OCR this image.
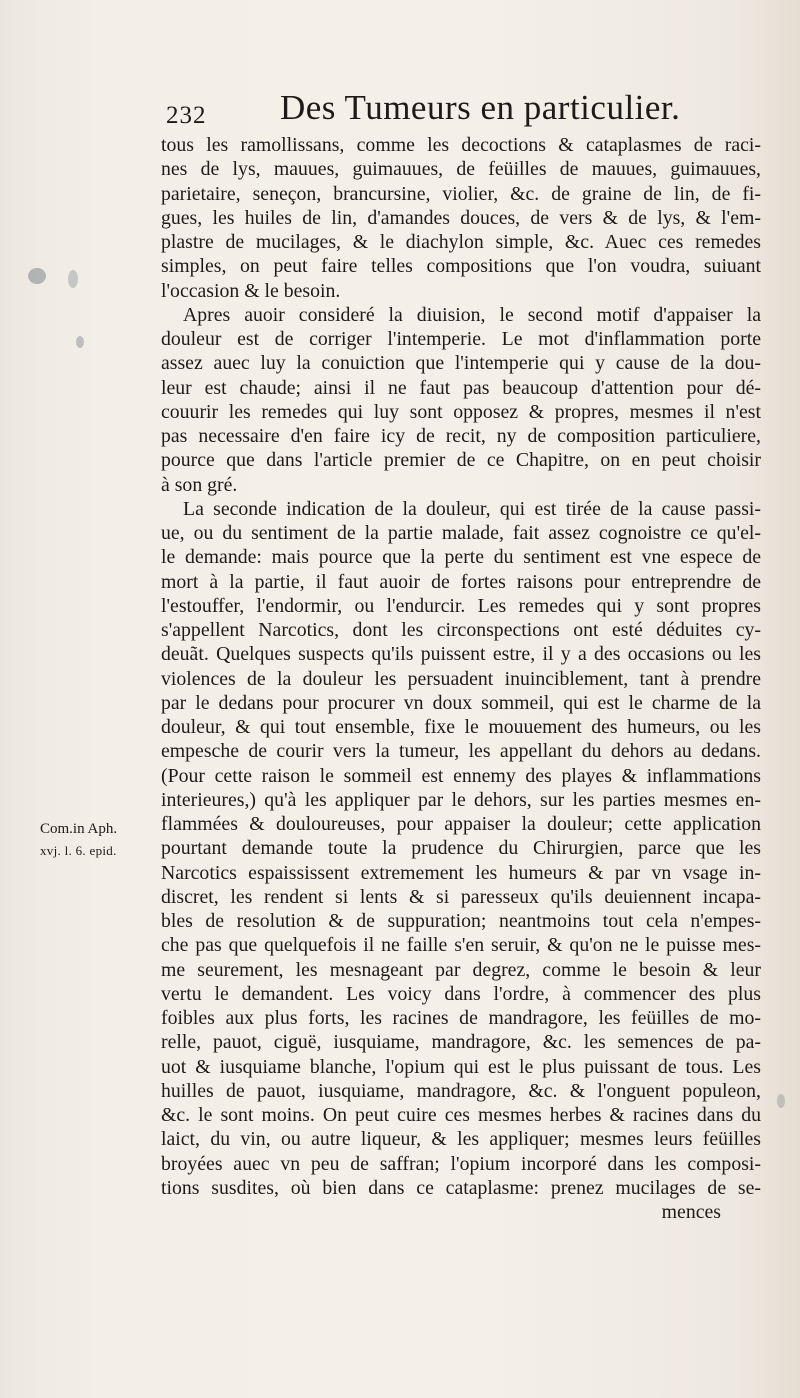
232 Des Tumeurs en particulier.
Com.in Aph.
xvj. l. 6. epid.
tous les ramollissans, comme les decoctions & cataplasmes de raci-
nes de lys, mauues, guimauues, de feüilles de mauues, guimauues,
parietaire, seneçon, brancursine, violier, &c. de graine de lin, de fi-
gues, les huiles de lin, d'amandes douces, de vers & de lys, & l'em-
plastre de mucilages, & le diachylon simple, &c. Auec ces remedes
simples, on peut faire telles compositions que l'on voudra, suiuant
l'occasion & le besoin.
Apres auoir consideré la diuision, le second motif d'appaiser la
douleur est de corriger l'intemperie. Le mot d'inflammation porte
assez auec luy la conuiction que l'intemperie qui y cause de la dou-
leur est chaude; ainsi il ne faut pas beaucoup d'attention pour dé-
couurir les remedes qui luy sont opposez & propres, mesmes il n'est
pas necessaire d'en faire icy de recit, ny de composition particuliere,
pource que dans l'article premier de ce Chapitre, on en peut choisir
à son gré.
La seconde indication de la douleur, qui est tirée de la cause passi-
ue, ou du sentiment de la partie malade, fait assez cognoistre ce qu'el-
le demande: mais pource que la perte du sentiment est vne espece de
mort à la partie, il faut auoir de fortes raisons pour entreprendre de
l'estouffer, l'endormir, ou l'endurcir. Les remedes qui y sont propres
s'appellent Narcotics, dont les circonspections ont esté déduites cy-
deuãt. Quelques suspects qu'ils puissent estre, il y a des occasions ou les
violences de la douleur les persuadent inuinciblement, tant à prendre
par le dedans pour procurer vn doux sommeil, qui est le charme de la
douleur, & qui tout ensemble, fixe le mouuement des humeurs, ou les
empesche de courir vers la tumeur, les appellant du dehors au dedans.
(Pour cette raison le sommeil est ennemy des playes & inflammations
interieures,) qu'à les appliquer par le dehors, sur les parties mesmes en-
flammées & douloureuses, pour appaiser la douleur; cette application
pourtant demande toute la prudence du Chirurgien, parce que les
Narcotics espaississent extremement les humeurs & par vn vsage in-
discret, les rendent si lents & si paresseux qu'ils deuiennent incapa-
bles de resolution & de suppuration; neantmoins tout cela n'empes-
che pas que quelquefois il ne faille s'en seruir, & qu'on ne le puisse mes-
me seurement, les mesnageant par degrez, comme le besoin & leur
vertu le demandent. Les voicy dans l'ordre, à commencer des plus
foibles aux plus forts, les racines de mandragore, les feüilles de mo-
relle, pauot, ciguë, iusquiame, mandragore, &c. les semences de pa-
uot & iusquiame blanche, l'opium qui est le plus puissant de tous. Les
huilles de pauot, iusquiame, mandragore, &c. & l'onguent populeon,
&c. le sont moins. On peut cuire ces mesmes herbes & racines dans du
laict, du vin, ou autre liqueur, & les appliquer; mesmes leurs feüilles
broyées auec vn peu de saffran; l'opium incorporé dans les composi-
tions susdites, où bien dans ce cataplasme: prenez mucilages de se-
mences
